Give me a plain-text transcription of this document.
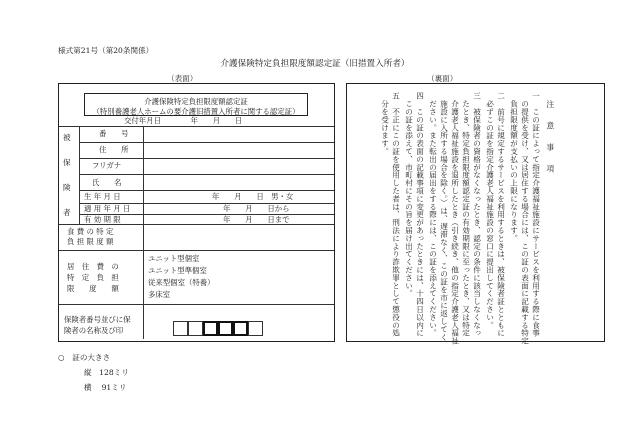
様式第21号（第20条関係）
介護保険特定負担限度額認定証（旧措置入所者）
（表面）	（裏面）
介護保険特定負担限度額認定証
（特別養護老人ホームの要介護旧措置入所者に関する認定証）
交付年月日　　　　年　　月　　日
被
保
険
者
番　　号
住　　所
フリガナ
氏　　名
生 年 月 日	年　　月　　日　男・女
適 用 年 月 日	年　　月　　日から
有 効 期 限	年　　月　　日まで
食 費 の 特 定
負 担 限 度 額
居　住　費　の
特　定　負　担
限　　度　　額
ユニット型個室
ユニット型準個室
従来型個室（特養）
多床室
保険者番号並びに保
険者の名称及び印
注　意　事　項
一　この証によって指定介護福祉施設にサービスを利用する際に食事
　の提供を受け、又は居住する場合には、この証の表面に記載する特定
　負担限度額が支払いの上限になります。
二　前号に規定するサービスを利用するときは、被保険者証とともに
　必ずこの証を指定介護老人福祉施設の窓口に提出してください。
三　被保険者の資格がなくなったとき、認定の条件に該当しなくなっ
　たとき、特定負担限度額認定証の有効期限に至ったとき、又は特定
　介護老人福祉施設を退所したとき（引き続き、他の指定介護老人福祉
　施設に入所する場合を除く。）は、遅滞なく、この証を市に返してく
　ださい。また転出の届出をする際には、この証を添えてください。
四　この証の表面の記載事項に変更があったときには、十四日以内に
　この証を添えて、市町村にその旨を届け出てください。
五　不正にこの証を使用した者は、刑法により詐欺罪として懲役の処
　分を受けます。
○　証の大きさ
縦　128ミリ
横　 91ミリ
